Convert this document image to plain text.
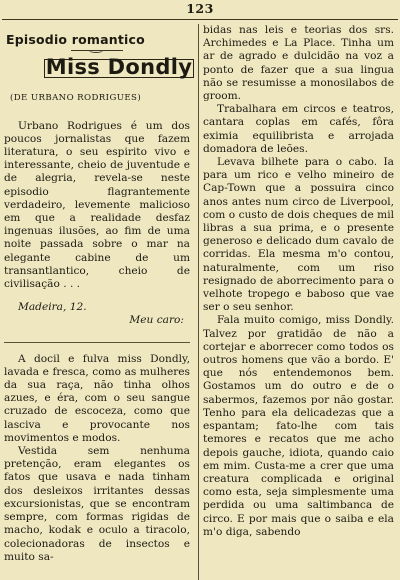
123
Episodio romantico
Miss Dondly
(DE URBANO RODRIGUES)

Urbano Rodrigues é um dos poucos jornalistas que fazem literatura, o seu espirito vivo e interessante, cheio de juventude e de alegria, revela-se neste episodio flagrantemente verdadeiro, levemente malicioso em que a realidade desfaz ingenuas ilusões, ao fim de uma noite passada sobre o mar na elegante cabine de um transantlantico, cheio de civilisação . . .

Madeira, 12.
Meu caro:

A docil e fulva miss Dondly, lavada e fresca, como as mulheres da sua raça, não tinha olhos azues, e éra, com o seu sangue cruzado de escoceza, como que lasciva e provocante nos movimentos e modos.

Vestida sem nenhuma pretenção, eram elegantes os fatos que usava e nada tinham dos desleixos irritantes dessas excursionistas, que se encontram sempre, com formas rigidas de macho, kodak e oculo a tiracolo, colecionadoras de insectos e muito sa-

bidas nas leis e teorias dos srs. Archimedes e La Place. Tinha um ar de agrado e dulcidão na voz a ponto de fazer que a sua lingua não se resumisse a monosilabos de groom.

Trabalhara em circos e teatros, cantara coplas em cafés, fôra eximia equilibrista e arrojada domadora de leões.

Levava bilhete para o cabo. Ia para um rico e velho mineiro de Cap-Town que a possuira cinco anos antes num circo de Liverpool, com o custo de dois cheques de mil libras a sua prima, e o presente generoso e delicado dum cavalo de corridas. Ela mesma m'o contou, naturalmente, com um riso resignado de aborrecimento para o velhote tropego e baboso que vae ser o seu senhor.

Fala muito comigo, miss Dondly. Talvez por gratidão de não a cortejar e aborrecer como todos os outros homens que vão a bordo. E' que nós entendemonos bem. Gostamos um do outro e de o sabermos, fazemos por não gostar. Tenho para ela delicadezas que a espantam; fato-lhe com tais temores e recatos que me acho depois gauche, idiota, quando caio em mim. Custa-me a crer que uma creatura complicada e original como esta, seja simplesmente uma perdida ou uma saltimbanca de circo. E por mais que o saiba e ela m'o diga, sabendo
